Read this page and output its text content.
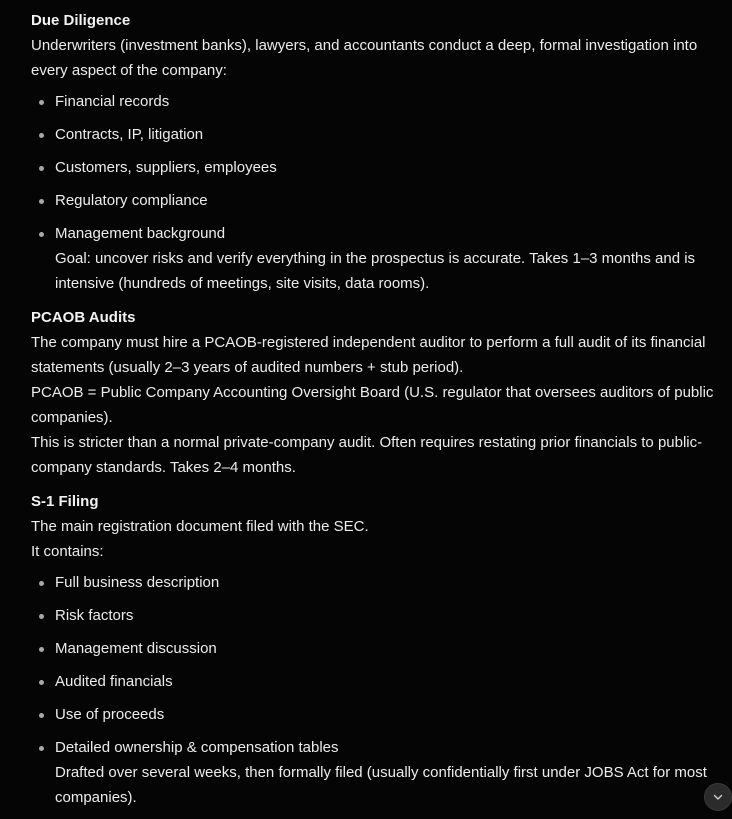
Due Diligence

Underwriters (investment banks), lawyers, and accountants conduct a deep, formal investigation into every aspect of the company:

Financial records
Contracts, IP, litigation
Customers, suppliers, employees
Regulatory compliance
Management background
Goal: uncover risks and verify everything in the prospectus is accurate. Takes 1–3 months and is intensive (hundreds of meetings, site visits, data rooms).
PCAOB Audits

The company must hire a PCAOB-registered independent auditor to perform a full audit of its financial statements (usually 2–3 years of audited numbers + stub period).

PCAOB = Public Company Accounting Oversight Board (U.S. regulator that oversees auditors of public companies).

This is stricter than a normal private-company audit. Often requires restating prior financials to public-company standards. Takes 2–4 months.

S-1 Filing

The main registration document filed with the SEC.

It contains:

Full business description
Risk factors
Management discussion
Audited financials
Use of proceeds
Detailed ownership & compensation tables
Drafted over several weeks, then formally filed (usually confidentially first under JOBS Act for most companies).
